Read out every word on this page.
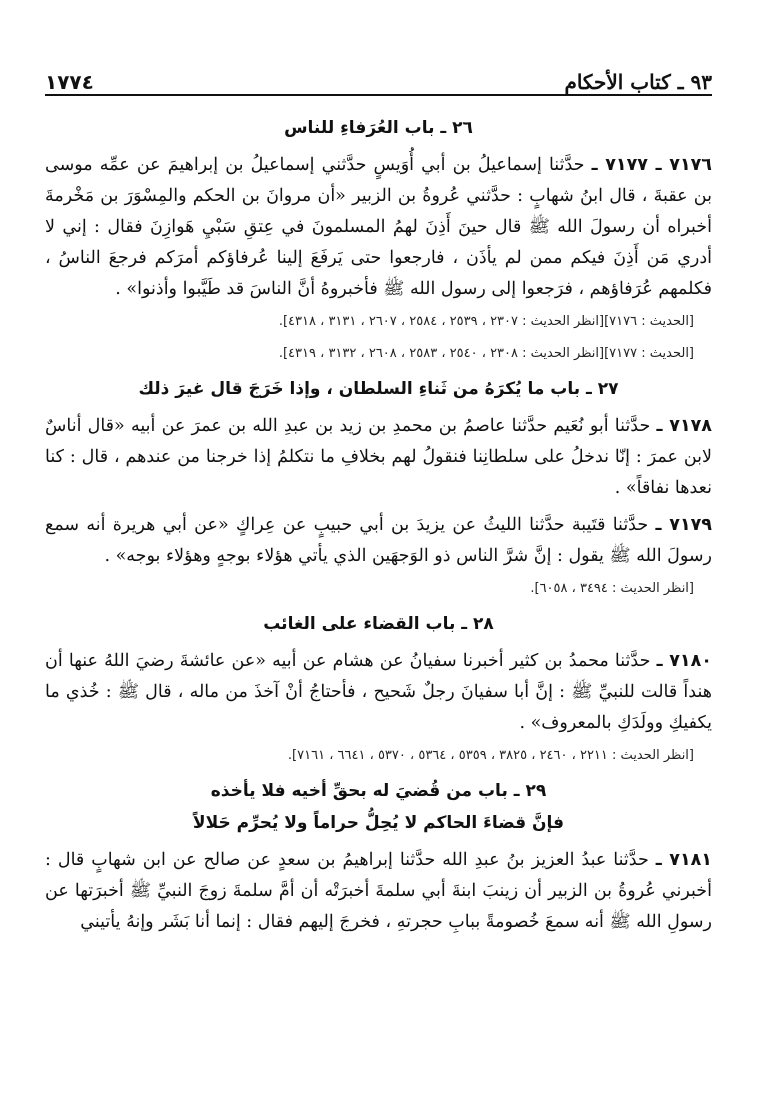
١٧٧٤	٩٣ ـ كتاب الأحكام
٢٦ ـ باب العُرَفاءِ للناس

٧١٧٦ ـ ٧١٧٧ ـ حدَّثنا إسماعيلُ بن أبي أُوَيسٍ حدَّثني إسماعيلُ بن إبراهيمَ عن عمِّه موسى بن عقبةَ ، قال ابنُ شهابٍ : حدَّثني عُروةُ بن الزبير «أن مروانَ بن الحكم والمِسْوَرَ بن مَخْرمةَ أخبراه أن رسولَ الله ﷺ قال حينَ أَذِنَ لهمُ المسلمونَ في عِتقِ سَبْيِ هَوازِنَ فقال : إني لا أدري مَن أَذِنَ فيكم ممن لم يأذَن ، فارجعوا حتى يَرفَعَ إلينا عُرفاؤكم أمرَكم فرجعَ الناسُ ، فكلمهم عُرَفاؤهم ، فرَجعوا إلى رسول الله ﷺ فأخبروهُ أنَّ الناسَ قد طَيَّبوا وأذنوا» .

[الحديث : ٧١٧٦][انظر الحديث : ٢٣٠٧ ، ٢٥٣٩ ، ٢٥٨٤ ، ٢٦٠٧ ، ٣١٣١ ، ٤٣١٨].
[الحديث : ٧١٧٧][انظر الحديث : ٢٣٠٨ ، ٢٥٤٠ ، ٢٥٨٣ ، ٢٦٠٨ ، ٣١٣٢ ، ٤٣١٩].
٢٧ ـ باب ما يُكرَهُ من ثَناءِ السلطان ، وإذا خَرَجَ قال غيرَ ذلك

٧١٧٨ ـ حدَّثنا أبو نُعَيم حدَّثنا عاصمُ بن محمدِ بن زيد بن عبدِ الله بن عمرَ عن أبيه «قال أناسٌ لابن عمرَ : إنّا ندخلُ على سلطانِنا فنقولُ لهم بخلافِ ما نتكلمُ إذا خرجنا من عندهم ، قال : كنا نعدها نفاقاً» .

٧١٧٩ ـ حدَّثنا قتَيبة حدَّثنا الليثُ عن يزيدَ بن أبي حبيبٍ عن عِراكٍ «عن أبي هريرة أنه سمع رسولَ الله ﷺ يقول : إنَّ شرَّ الناس ذو الوَجهَين الذي يأتي هؤلاء بوجهٍ وهؤلاء بوجه» .

[انظر الحديث : ٣٤٩٤ ، ٦٠٥٨].
٢٨ ـ باب القضاء على الغائب

٧١٨٠ ـ حدَّثنا محمدُ بن كثير أخبرنا سفيانُ عن هشام عن أبيه «عن عائشةَ رضيَ اللهُ عنها أن هنداً قالت للنبيِّ ﷺ : إنَّ أبا سفيانَ رجلٌ شَحيح ، فأحتاجُ أنْ آخذَ من ماله ، قال ﷺ : خُذي ما يكفيكِ وولَدَكِ بالمعروف» .

[انظر الحديث : ٢٢١١ ، ٢٤٦٠ ، ٣٨٢٥ ، ٥٣٥٩ ، ٥٣٦٤ ، ٥٣٧٠ ، ٦٦٤١ ، ٧١٦١].
٢٩ ـ باب من قُضيَ له بحقِّ أخيه فلا يأخذه
فإنَّ قضاءَ الحاكم لا يُحِلُّ حراماً ولا يُحرِّم حَلالاً

٧١٨١ ـ حدَّثنا عبدُ العزيز بنُ عبدِ الله حدَّثنا إبراهيمُ بن سعدٍ عن صالح عن ابن شهابٍ قال : أخبرني عُروةُ بن الزبير أن زينبَ ابنةَ أبي سلمةَ أخبرَتْه أن أمَّ سلمةَ زوجَ النبيِّ ﷺ أخبرَتها عن رسولِ الله ﷺ أنه سمعَ خُصومةً ببابِ حجرتهِ ، فخرجَ إليهم فقال : إنما أنا بَشَر وإنهُ يأتيني
